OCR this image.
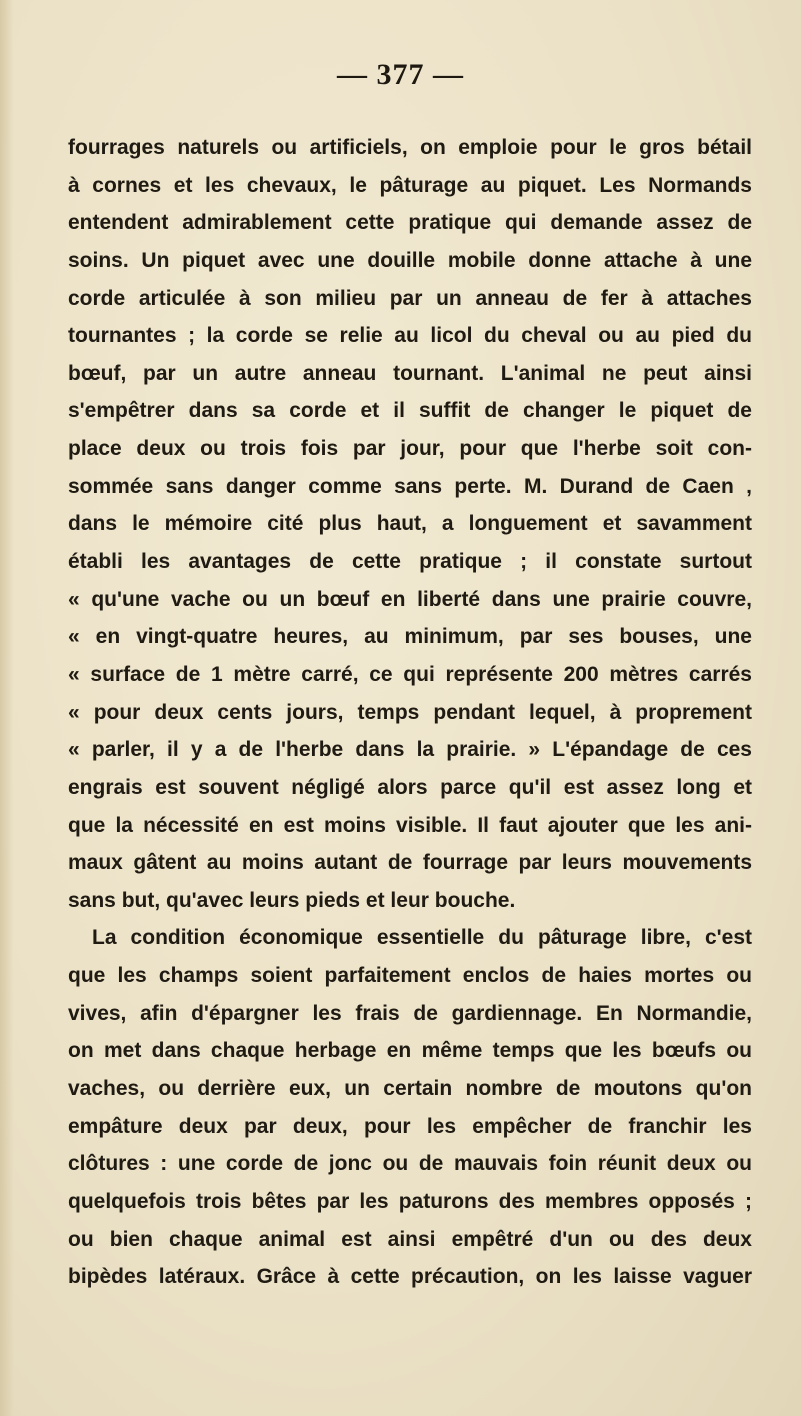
— 377 —
fourrages naturels ou artificiels, on emploie pour le gros bétail
à cornes et les chevaux, le pâturage au piquet. Les Normands
entendent admirablement cette pratique qui demande assez de
soins. Un piquet avec une douille mobile donne attache à une
corde articulée à son milieu par un anneau de fer à attaches
tournantes ; la corde se relie au licol du cheval ou au pied du
bœuf, par un autre anneau tournant. L'animal ne peut ainsi
s'empêtrer dans sa corde et il suffit de changer le piquet de
place deux ou trois fois par jour, pour que l'herbe soit con-
sommée sans danger comme sans perte. M. Durand de Caen ,
dans le mémoire cité plus haut, a longuement et savamment
établi les avantages de cette pratique ; il constate surtout
« qu'une vache ou un bœuf en liberté dans une prairie couvre,
« en vingt-quatre heures, au minimum, par ses bouses, une
« surface de 1 mètre carré, ce qui représente 200 mètres carrés
« pour deux cents jours, temps pendant lequel, à proprement
« parler, il y a de l'herbe dans la prairie. » L'épandage de ces
engrais est souvent négligé alors parce qu'il est assez long et
que la nécessité en est moins visible. Il faut ajouter que les ani-
maux gâtent au moins autant de fourrage par leurs mouvements
sans but, qu'avec leurs pieds et leur bouche.
La condition économique essentielle du pâturage libre, c'est
que les champs soient parfaitement enclos de haies mortes ou
vives, afin d'épargner les frais de gardiennage. En Normandie,
on met dans chaque herbage en même temps que les bœufs ou
vaches, ou derrière eux, un certain nombre de moutons qu'on
empâture deux par deux, pour les empêcher de franchir les
clôtures : une corde de jonc ou de mauvais foin réunit deux ou
quelquefois trois bêtes par les paturons des membres opposés ;
ou bien chaque animal est ainsi empêtré d'un ou des deux
bipèdes latéraux. Grâce à cette précaution, on les laisse vaguer
